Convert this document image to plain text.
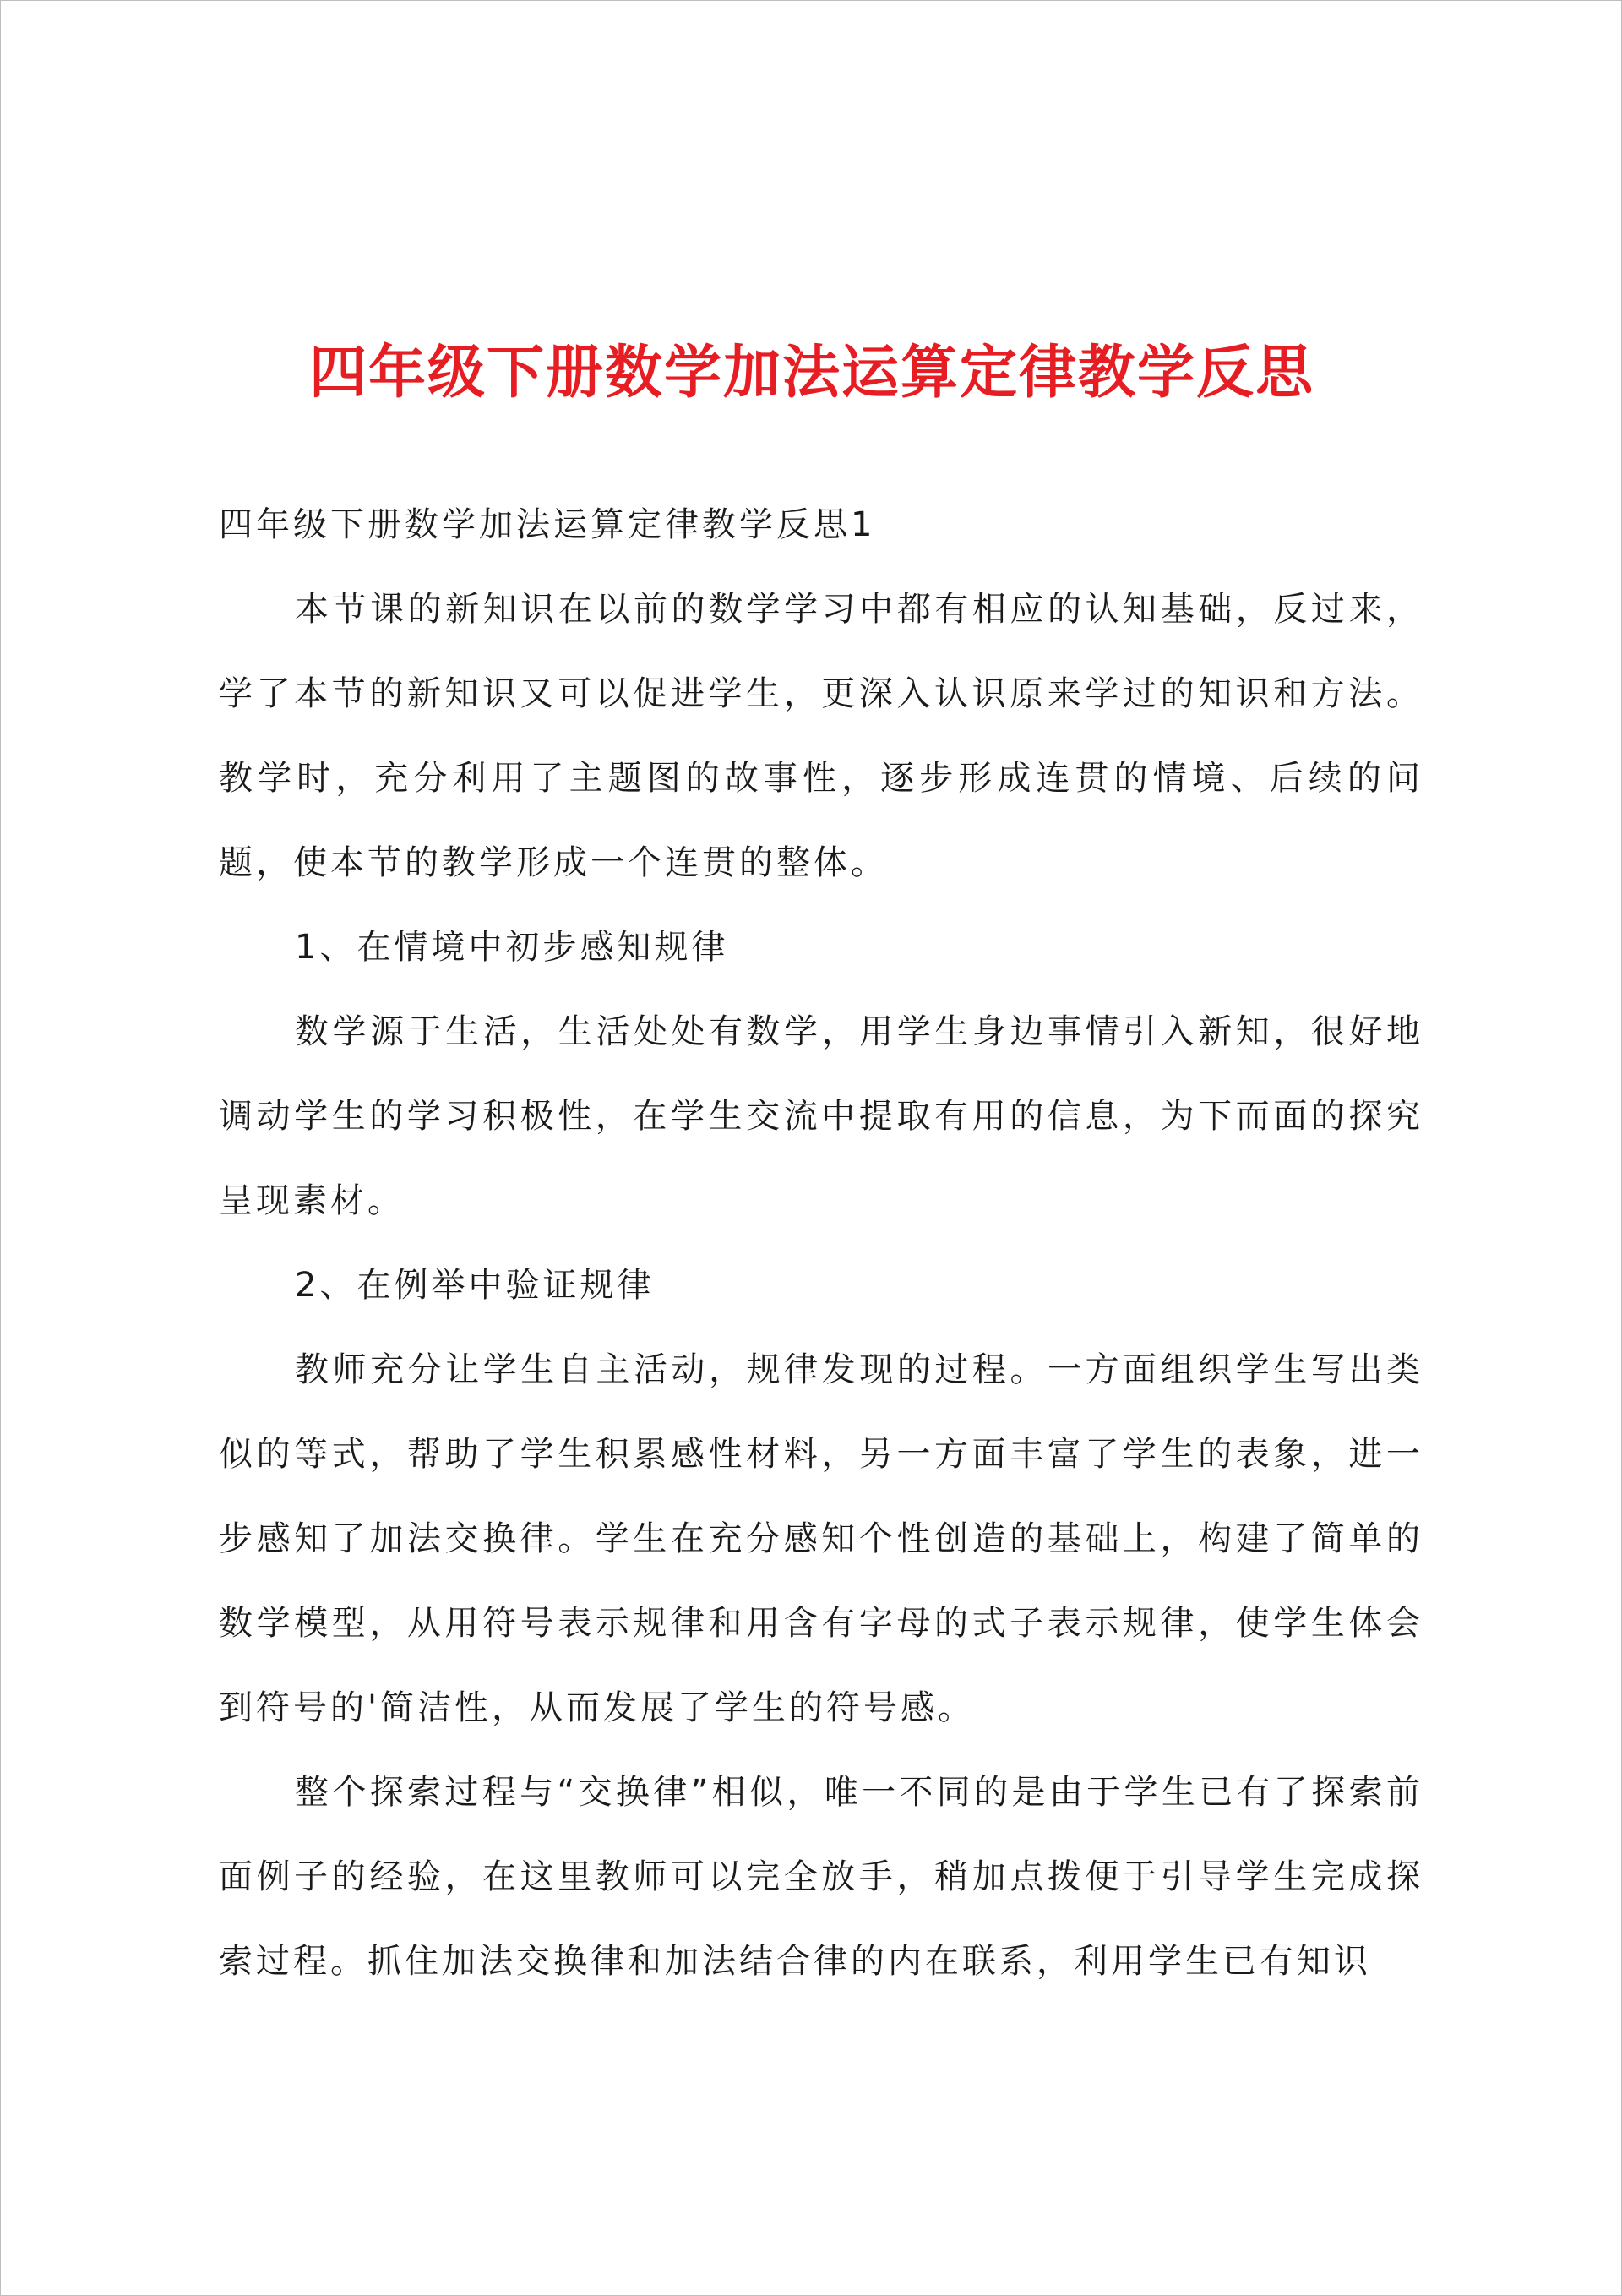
四年级下册数学加法运算定律教学反思

四年级下册数学加法运算定律教学反思1

本节课的新知识在以前的数学学习中都有相应的认知基础，反过来，学了本节的新知识又可以促进学生，更深入认识原来学过的知识和方法。教学时，充分利用了主题图的故事性，逐步形成连贯的情境、后续的问题，使本节的教学形成一个连贯的整体。

1、在情境中初步感知规律

数学源于生活，生活处处有数学，用学生身边事情引入新知，很好地调动学生的学习积极性，在学生交流中提取有用的信息，为下而面的探究呈现素材。

2、在例举中验证规律

教师充分让学生自主活动，规律发现的过程。一方面组织学生写出类似的等式，帮助了学生积累感性材料，另一方面丰富了学生的表象，进一步感知了加法交换律。学生在充分感知个性创造的基础上，构建了简单的数学模型，从用符号表示规律和用含有字母的式子表示规律，使学生体会到符号的'简洁性，从而发展了学生的符号感。

整个探索过程与“交换律”相似，唯一不同的是由于学生已有了探索前面例子的经验，在这里教师可以完全放手，稍加点拨便于引导学生完成探索过程。抓住加法交换律和加法结合律的内在联系，利用学生已有知识
